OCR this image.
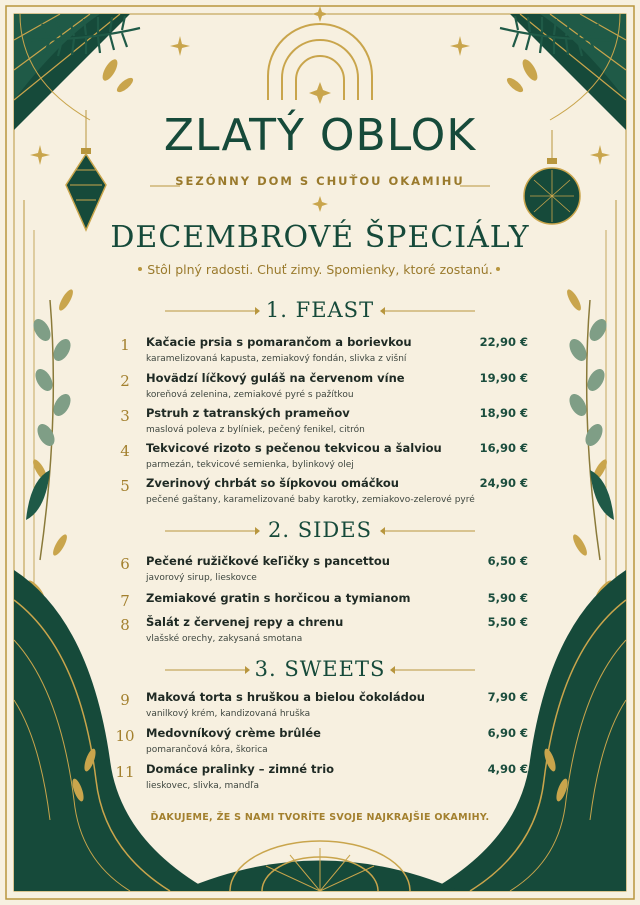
ZLATÝ OBLOK
SEZÓNNY DOM S CHUŤOU OKAMIHU
DECEMBROVÉ ŠPECIÁLY
Stôl plný radosti. Chuť zimy. Spomienky, ktoré zostanú.
1. FEAST
1	Kačacie prsia s pomarančom a borievkou
karamelizovaná kapusta, zemiakový fondán, slivka z višní
22,90 €
2	Hovädzí líčkový guláš na červenom víne
koreňová zelenina, zemiakové pyré s pažítkou
19,90 €
3	Pstruh z tatranských prameňov
maslová poleva z bylíniek, pečený fenikel, citrón
18,90 €
4	Tekvicové rizoto s pečenou tekvicou a šalviou
parmezán, tekvicové semienka, bylinkový olej
16,90 €
5	Zverinový chrbát so šípkovou omáčkou
pečené gaštany, karamelizované baby karotky, zemiakovo-zelerové pyré
24,90 €
2. SIDES
6	Pečené ružičkové keľičky s pancettou
javorový sirup, lieskovce
6,50 €
7	Zemiakové gratin s horčicou a tymianom	5,90 €
8	Šalát z červenej repy a chrenu
vlašské orechy, zakysaná smotana
5,50 €
3. SWEETS
9	Maková torta s hruškou a bielou čokoládou
vanilkový krém, kandizovaná hruška
7,90 €
10 Medovníkový crème brûlée
pomarančová kôra, škorica
6,90 €
11 Domáce pralinky – zimné trio
lieskovec, slivka, mandľa
4,90 €
ĎAKUJEME, ŽE S NAMI TVORÍTE SVOJE NAJKRAJŠIE OKAMIHY.
